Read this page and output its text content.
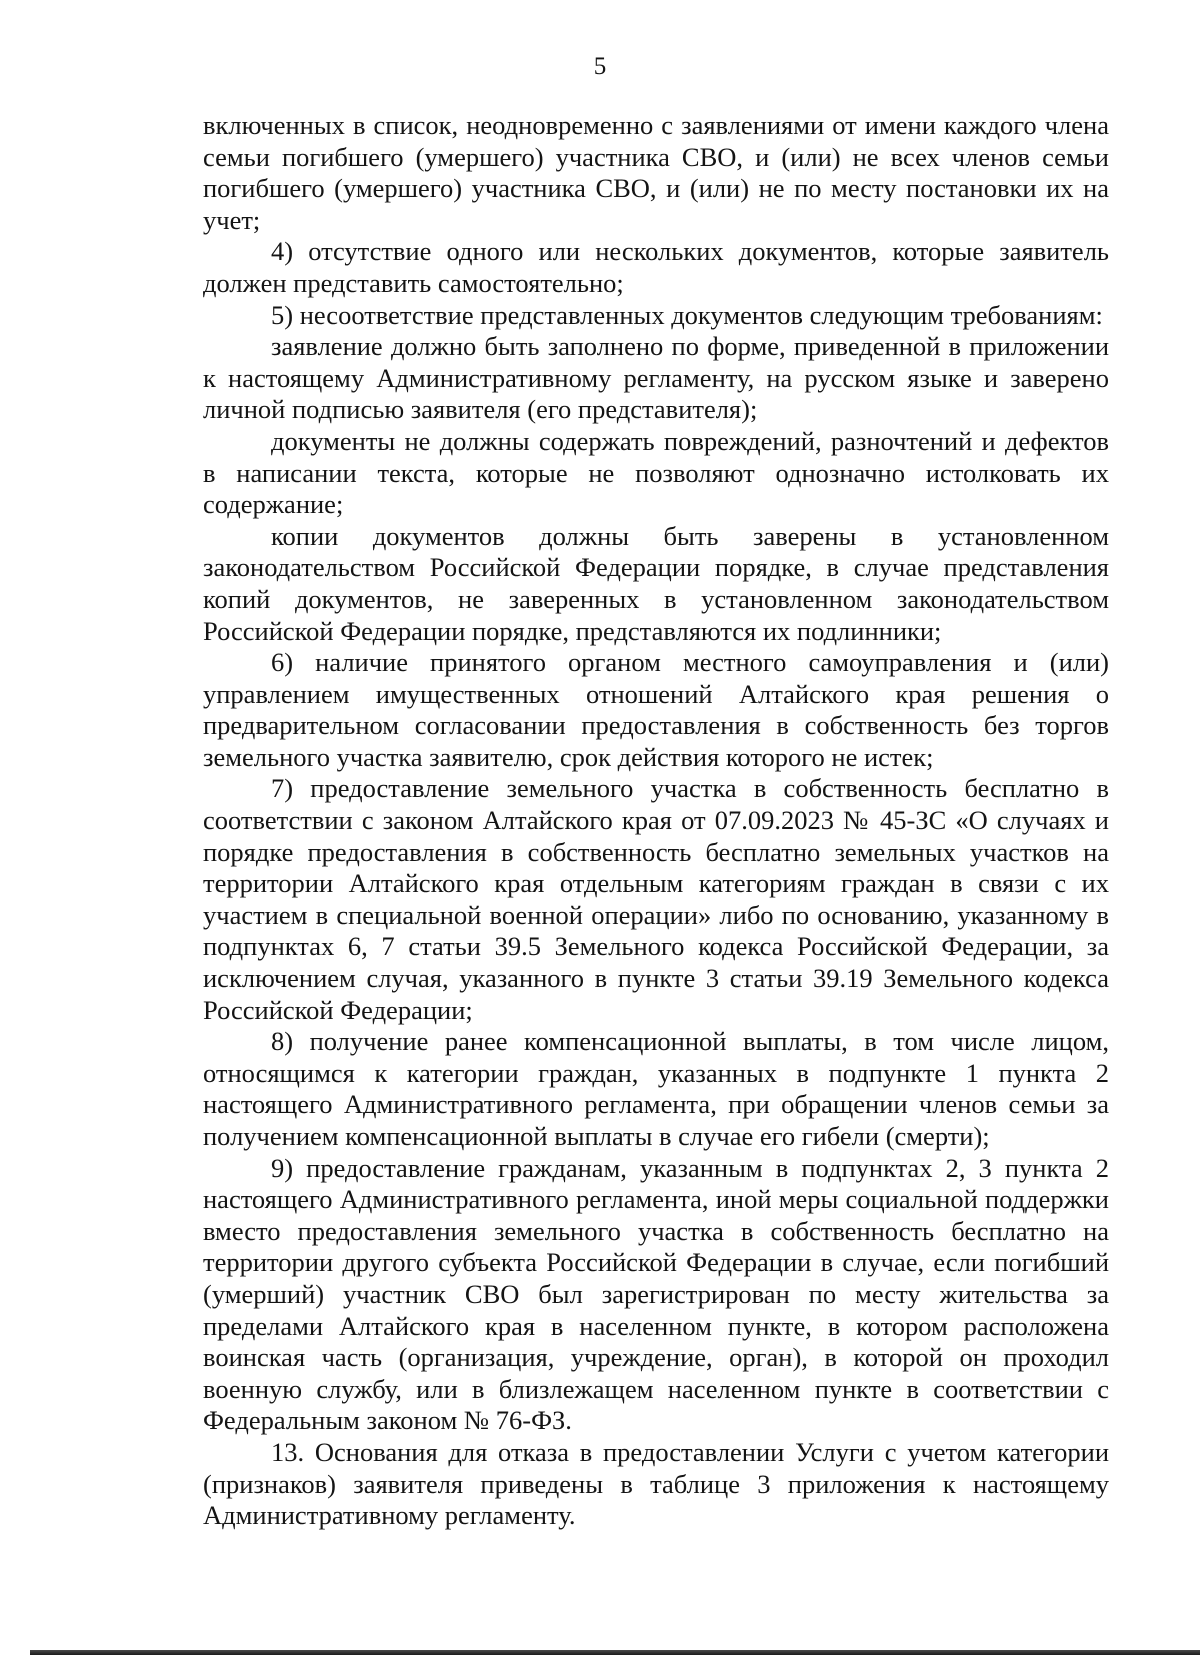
5

включенных в список, неодновременно с заявлениями от имени каждого члена семьи погибшего (умершего) участника СВО, и (или) не всех членов семьи погибшего (умершего) участника СВО, и (или) не по месту постановки их на учет;

4) отсутствие одного или нескольких документов, которые заявитель должен представить самостоятельно;

5) несоответствие представленных документов следующим требованиям:

заявление должно быть заполнено по форме, приведенной в приложении к настоящему Административному регламенту, на русском языке и заверено личной подписью заявителя (его представителя);

документы не должны содержать повреждений, разночтений и дефектов в написании текста, которые не позволяют однозначно истолковать их содержание;

копии документов должны быть заверены в установленном законодательством Российской Федерации порядке, в случае представления копий документов, не заверенных в установленном законодательством Российской Федерации порядке, представляются их подлинники;

6) наличие принятого органом местного самоуправления и (или) управлением имущественных отношений Алтайского края решения о предварительном согласовании предоставления в собственность без торгов земельного участка заявителю, срок действия которого не истек;

7) предоставление земельного участка в собственность бесплатно в соответствии с законом Алтайского края от 07.09.2023 № 45-ЗС «О случаях и порядке предоставления в собственность бесплатно земельных участков на территории Алтайского края отдельным категориям граждан в связи с их участием в специальной военной операции» либо по основанию, указанному в подпунктах 6, 7 статьи 39.5 Земельного кодекса Российской Федерации, за исключением случая, указанного в пункте 3 статьи 39.19 Земельного кодекса Российской Федерации;

8) получение ранее компенсационной выплаты, в том числе лицом, относящимся к категории граждан, указанных в подпункте 1 пункта 2 настоящего Административного регламента, при обращении членов семьи за получением компенсационной выплаты в случае его гибели (смерти);

9) предоставление гражданам, указанным в подпунктах 2, 3 пункта 2 настоящего Административного регламента, иной меры социальной поддержки вместо предоставления земельного участка в собственность бесплатно на территории другого субъекта Российской Федерации в случае, если погибший (умерший) участник СВО был зарегистрирован по месту жительства за пределами Алтайского края в населенном пункте, в котором расположена воинская часть (организация, учреждение, орган), в которой он проходил военную службу, или в близлежащем населенном пункте в соответствии с Федеральным законом № 76-ФЗ.

13. Основания для отказа в предоставлении Услуги с учетом категории (признаков) заявителя приведены в таблице 3 приложения к настоящему Административному регламенту.
